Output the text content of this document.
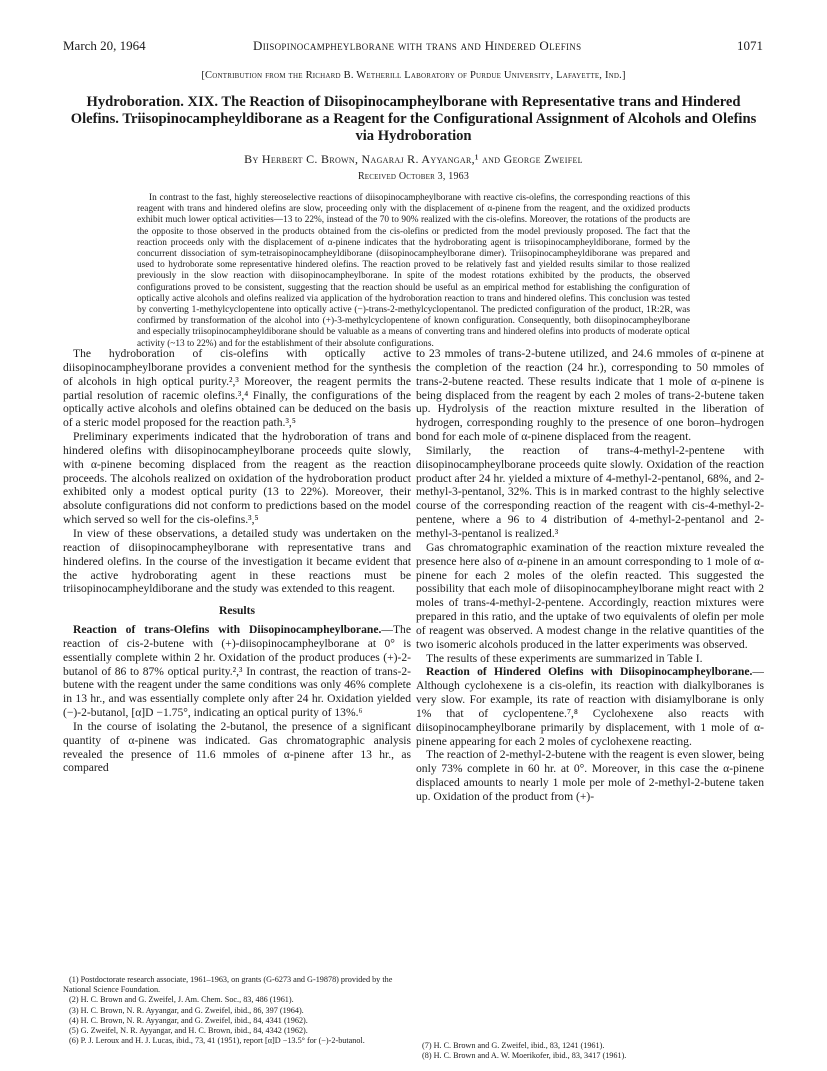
March 20, 1964	Diisopinocampheylborane with trans and Hindered Olefins	1071
[Contribution from the Richard B. Wetherill Laboratory of Purdue University, Lafayette, Ind.]
Hydroboration. XIX. The Reaction of Diisopinocampheylborane with Representative trans and Hindered Olefins. Triisopinocampheyldiborane as a Reagent for the Configurational Assignment of Alcohols and Olefins via Hydroboration
By Herbert C. Brown, Nagaraj R. Ayyangar,¹ and George Zweifel
Received October 3, 1963

In contrast to the fast, highly stereoselective reactions of diisopinocampheylborane with reactive cis-olefins, the corresponding reactions of this reagent with trans and hindered olefins are slow, proceeding only with the displacement of α-pinene from the reagent, and the oxidized products exhibit much lower optical activities—13 to 22%, instead of the 70 to 90% realized with the cis-olefins. Moreover, the rotations of the products are the opposite to those observed in the products obtained from the cis-olefins or predicted from the model previously proposed. The fact that the reaction proceeds only with the displacement of α-pinene indicates that the hydroborating agent is triisopinocampheyldiborane, formed by the concurrent dissociation of sym-tetraisopinocampheyldiborane (diisopinocampheylborane dimer). Triisopinocampheyldiborane was prepared and used to hydroborate some representative hindered olefins. The reaction proved to be relatively fast and yielded results similar to those realized previously in the slow reaction with diisopinocampheylborane. In spite of the modest rotations exhibited by the products, the observed configurations proved to be consistent, suggesting that the reaction should be useful as an empirical method for establishing the configuration of optically active alcohols and olefins realized via application of the hydroboration reaction to trans and hindered olefins. This conclusion was tested by converting 1-methylcyclopentene into optically active (−)-trans-2-methylcyclopentanol. The predicted configuration of the product, 1R:2R, was confirmed by transformation of the alcohol into (+)-3-methylcyclopentene of known configuration. Consequently, both diisopinocampheylborane and especially triisopinocampheyldiborane should be valuable as a means of converting trans and hindered olefins into products of moderate optical activity (~13 to 22%) and for the establishment of their absolute configurations.

The hydroboration of cis-olefins with optically active diisopinocampheylborane provides a convenient method for the synthesis of alcohols in high optical purity.²,³ Moreover, the reagent permits the partial resolution of racemic olefins.³,⁴ Finally, the configurations of the optically active alcohols and olefins obtained can be deduced on the basis of a steric model proposed for the reaction path.³,⁵

Preliminary experiments indicated that the hydroboration of trans and hindered olefins with diisopinocampheylborane proceeds quite slowly, with α-pinene becoming displaced from the reagent as the reaction proceeds. The alcohols realized on oxidation of the hydroboration product exhibited only a modest optical purity (13 to 22%). Moreover, their absolute configurations did not conform to predictions based on the model which served so well for the cis-olefins.³,⁵

In view of these observations, a detailed study was undertaken on the reaction of diisopinocampheylborane with representative trans and hindered olefins. In the course of the investigation it became evident that the active hydroborating agent in these reactions must be triisopinocampheyldiborane and the study was extended to this reagent.

Results

Reaction of trans-Olefins with Diisopinocampheylborane.—The reaction of cis-2-butene with (+)-diisopinocampheylborane at 0° is essentially complete within 2 hr. Oxidation of the product produces (+)-2-butanol of 86 to 87% optical purity.²,³ In contrast, the reaction of trans-2-butene with the reagent under the same conditions was only 46% complete in 13 hr., and was essentially complete only after 24 hr. Oxidation yielded (−)-2-butanol, [α]D −1.75°, indicating an optical purity of 13%.⁶

In the course of isolating the 2-butanol, the presence of a significant quantity of α-pinene was indicated. Gas chromatographic analysis revealed the presence of 11.6 mmoles of α-pinene after 13 hr., as compared

(1) Postdoctorate research associate, 1961–1963, on grants (G-6273 and G-19878) provided by the National Science Foundation.
(2) H. C. Brown and G. Zweifel, J. Am. Chem. Soc., 83, 486 (1961).
(3) H. C. Brown, N. R. Ayyangar, and G. Zweifel, ibid., 86, 397 (1964).
(4) H. C. Brown, N. R. Ayyangar, and G. Zweifel, ibid., 84, 4341 (1962).
(5) G. Zweifel, N. R. Ayyangar, and H. C. Brown, ibid., 84, 4342 (1962).
(6) P. J. Leroux and H. J. Lucas, ibid., 73, 41 (1951), report [α]D −13.5° for (−)-2-butanol.

to 23 mmoles of trans-2-butene utilized, and 24.6 mmoles of α-pinene at the completion of the reaction (24 hr.), corresponding to 50 mmoles of trans-2-butene reacted. These results indicate that 1 mole of α-pinene is being displaced from the reagent by each 2 moles of trans-2-butene taken up. Hydrolysis of the reaction mixture resulted in the liberation of hydrogen, corresponding roughly to the presence of one boron–hydrogen bond for each mole of α-pinene displaced from the reagent.

Similarly, the reaction of trans-4-methyl-2-pentene with diisopinocampheylborane proceeds quite slowly. Oxidation of the reaction product after 24 hr. yielded a mixture of 4-methyl-2-pentanol, 68%, and 2-methyl-3-pentanol, 32%. This is in marked contrast to the highly selective course of the corresponding reaction of the reagent with cis-4-methyl-2-pentene, where a 96 to 4 distribution of 4-methyl-2-pentanol and 2-methyl-3-pentanol is realized.³

Gas chromatographic examination of the reaction mixture revealed the presence here also of α-pinene in an amount corresponding to 1 mole of α-pinene for each 2 moles of the olefin reacted. This suggested the possibility that each mole of diisopinocampheylborane might react with 2 moles of trans-4-methyl-2-pentene. Accordingly, reaction mixtures were prepared in this ratio, and the uptake of two equivalents of olefin per mole of reagent was observed. A modest change in the relative quantities of the two isomeric alcohols produced in the latter experiments was observed.

The results of these experiments are summarized in Table I.

Reaction of Hindered Olefins with Diisopinocampheylborane.—Although cyclohexene is a cis-olefin, its reaction with dialkylboranes is very slow. For example, its rate of reaction with disiamylborane is only 1% that of cyclopentene.⁷,⁸ Cyclohexene also reacts with diisopinocampheylborane primarily by displacement, with 1 mole of α-pinene appearing for each 2 moles of cyclohexene reacting.

The reaction of 2-methyl-2-butene with the reagent is even slower, being only 73% complete in 60 hr. at 0°. Moreover, in this case the α-pinene displaced amounts to nearly 1 mole per mole of 2-methyl-2-butene taken up. Oxidation of the product from (+)-

(7) H. C. Brown and G. Zweifel, ibid., 83, 1241 (1961).
(8) H. C. Brown and A. W. Moerikofer, ibid., 83, 3417 (1961).
